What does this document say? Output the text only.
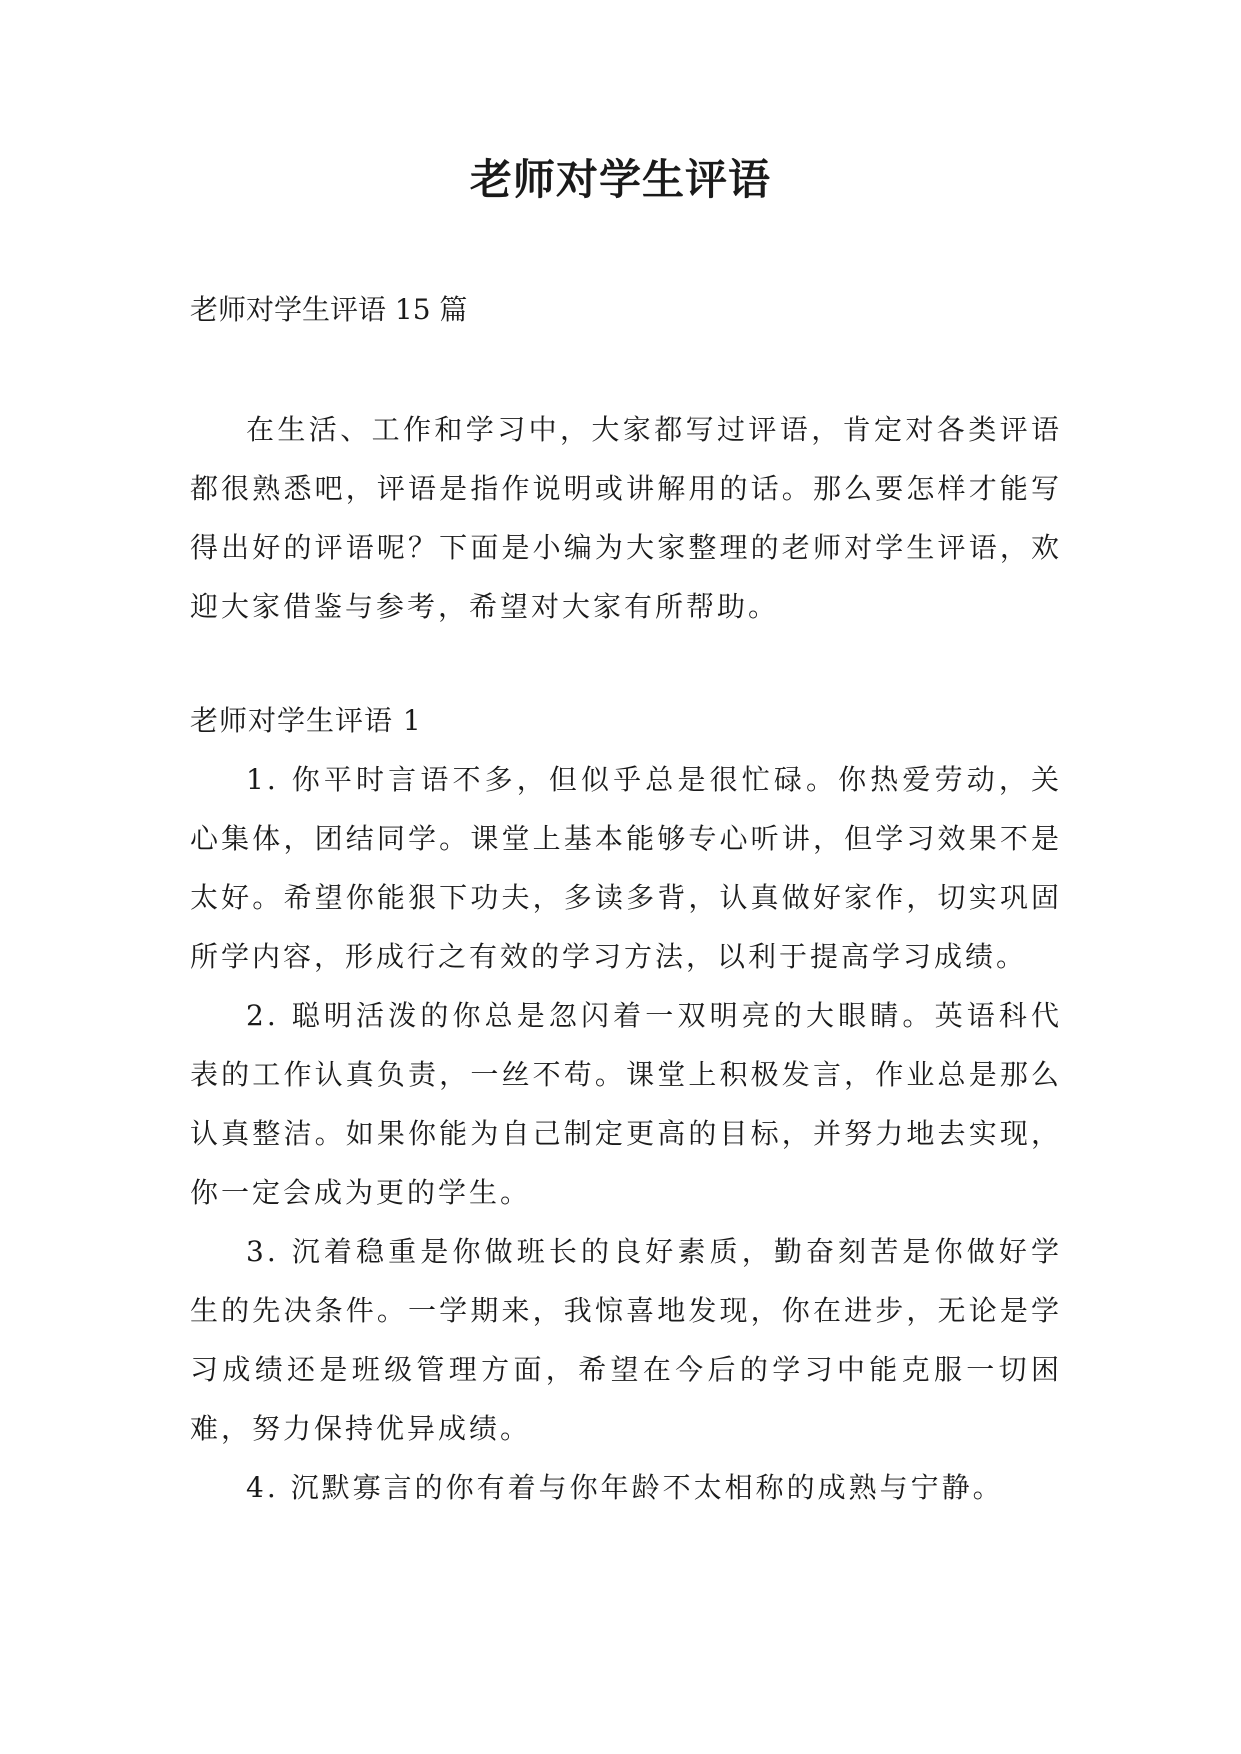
老师对学生评语
老师对学生评语 15 篇

在生活、工作和学习中，大家都写过评语，肯定对各类评语都很熟悉吧，评语是指作说明或讲解用的话。那么要怎样才能写得出好的评语呢？下面是小编为大家整理的老师对学生评语，欢迎大家借鉴与参考，希望对大家有所帮助。

老师对学生评语 1

1. 你平时言语不多，但似乎总是很忙碌。你热爱劳动，关心集体，团结同学。课堂上基本能够专心听讲，但学习效果不是太好。希望你能狠下功夫，多读多背，认真做好家作，切实巩固所学内容，形成行之有效的学习方法，以利于提高学习成绩。

2. 聪明活泼的你总是忽闪着一双明亮的大眼睛。英语科代表的工作认真负责，一丝不苟。课堂上积极发言，作业总是那么认真整洁。如果你能为自己制定更高的目标，并努力地去实现，你一定会成为更的学生。

3. 沉着稳重是你做班长的良好素质，勤奋刻苦是你做好学生的先决条件。一学期来，我惊喜地发现，你在进步，无论是学习成绩还是班级管理方面，希望在今后的学习中能克服一切困难，努力保持优异成绩。

4. 沉默寡言的你有着与你年龄不太相称的成熟与宁静。
